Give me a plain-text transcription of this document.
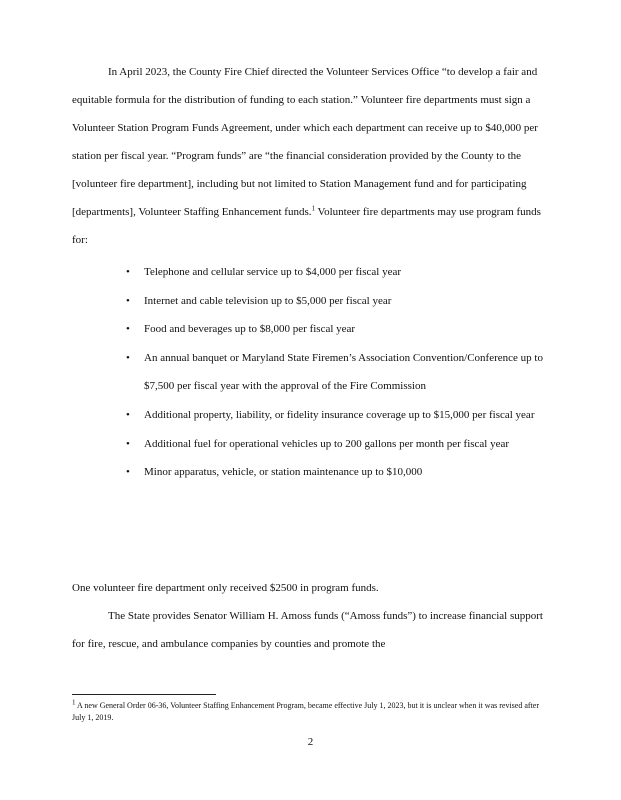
In April 2023, the County Fire Chief directed the Volunteer Services Office “to develop a fair and equitable formula for the distribution of funding to each station.” Volunteer fire departments must sign a Volunteer Station Program Funds Agreement, under which each department can receive up to $40,000 per station per fiscal year. “Program funds” are “the financial consideration provided by the County to the [volunteer fire department], including but not limited to Station Management fund and for participating [departments], Volunteer Staffing Enhancement funds.$^1$ Volunteer fire departments may use program funds for:

• Telephone and cellular service up to $4,000 per fiscal year
• Internet and cable television up to $5,000 per fiscal year
• Food and beverages up to $8,000 per fiscal year
• An annual banquet or Maryland State Firemen’s Association Convention/Conference up to $7,500 per fiscal year with the approval of the Fire Commission
• Additional property, liability, or fidelity insurance coverage up to $15,000 per fiscal year
• Additional fuel for operational vehicles up to 200 gallons per month per fiscal year
• Minor apparatus, vehicle, or station maintenance up to $10,000

One volunteer fire department only received $2500 in program funds.

The State provides Senator William H. Amoss funds (“Amoss funds”) to increase financial support for fire, rescue, and ambulance companies by counties and promote the

$^1$ A new General Order 06-36, Volunteer Staffing Enhancement Program, became effective July 1, 2023, but it is unclear when it was revised after July 1, 2019.

2
